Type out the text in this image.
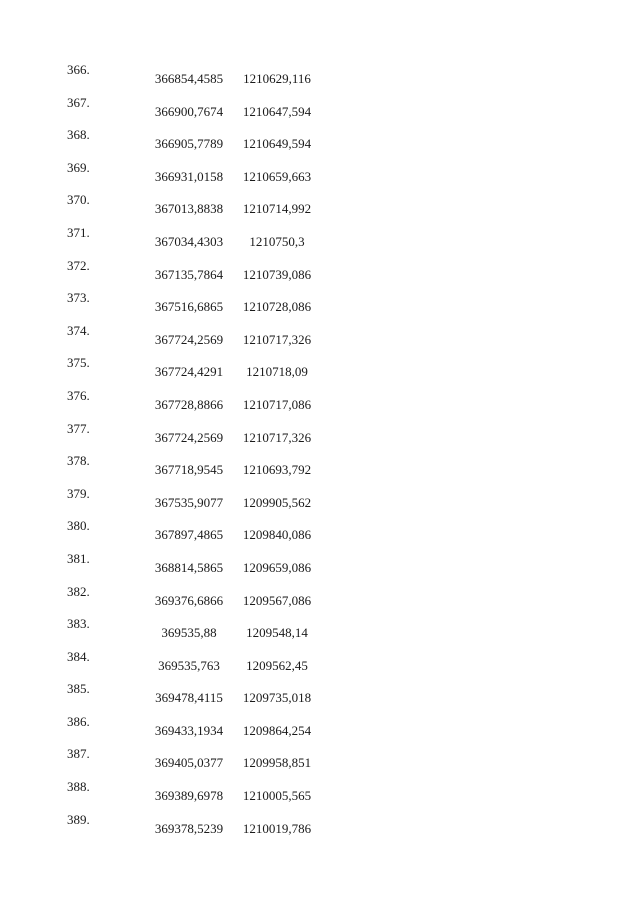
366.
366854,4585	1210629,116
367.
366900,7674	1210647,594
368.
366905,7789	1210649,594
369.
366931,0158	1210659,663
370.
367013,8838	1210714,992
371.
367034,4303	1210750,3
372.
367135,7864	1210739,086
373.
367516,6865	1210728,086
374.
367724,2569	1210717,326
375.
367724,4291	1210718,09
376.
367728,8866	1210717,086
377.
367724,2569	1210717,326
378.
367718,9545	1210693,792
379.
367535,9077	1209905,562
380.
367897,4865	1209840,086
381.
368814,5865	1209659,086
382.
369376,6866	1209567,086
383.
369535,88	1209548,14
384.
369535,763	1209562,45
385.
369478,4115	1209735,018
386.
369433,1934	1209864,254
387.
369405,0377	1209958,851
388.
369389,6978	1210005,565
389.
369378,5239	1210019,786
